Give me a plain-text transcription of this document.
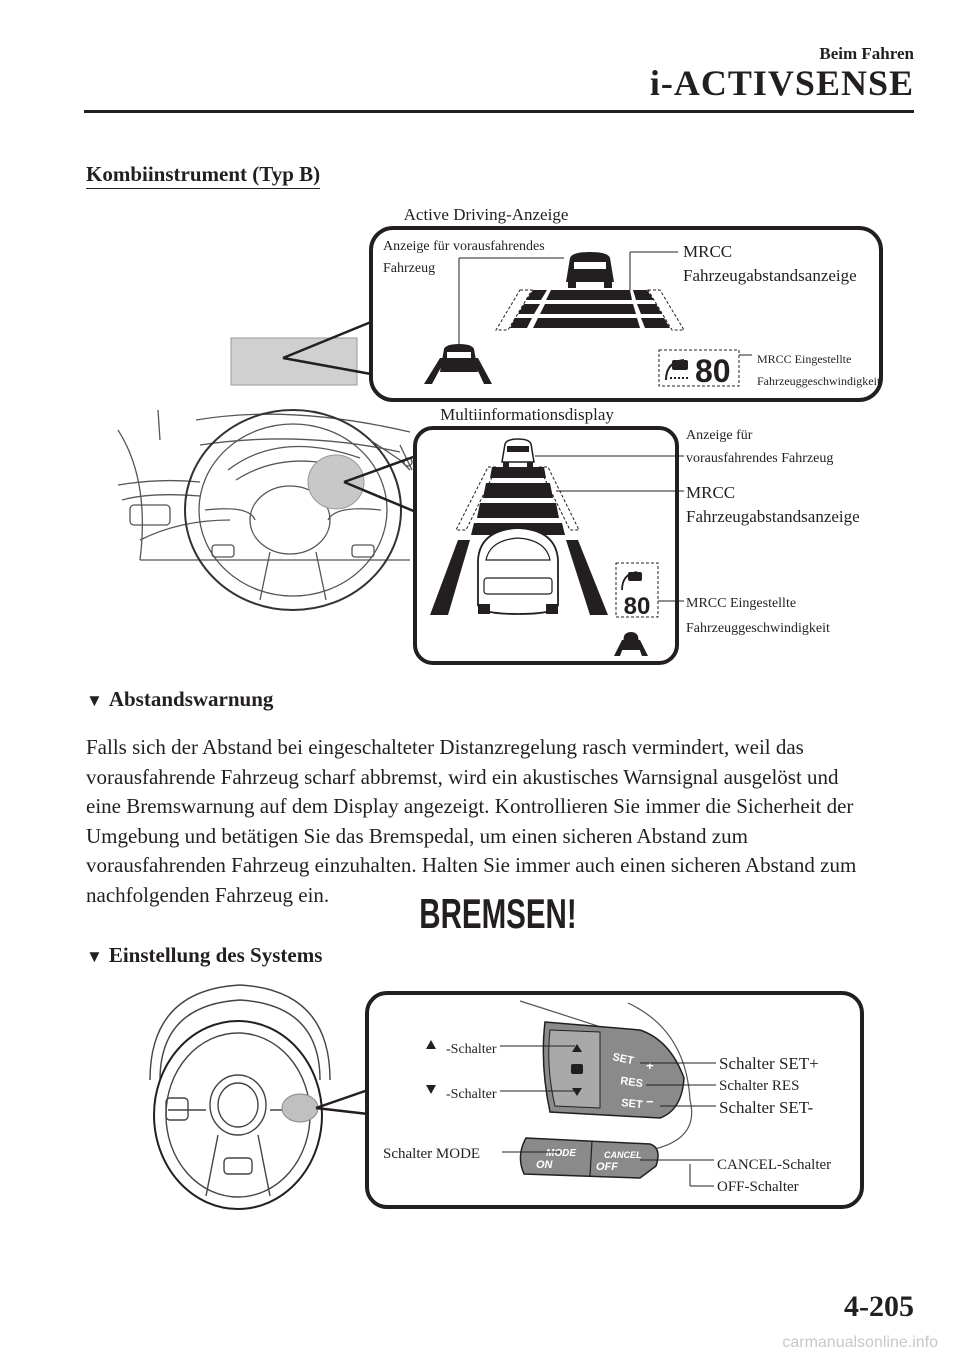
Beim Fahren
i-ACTIVSENSE
Kombiinstrument (Typ B)
Active Driving-Anzeige
Anzeige für vorausfahrendes
Fahrzeug
MRCC
Fahrzeugabstandsanzeige
80 MRCC Eingestellte
Fahrzeuggeschwindigkeit
Multiinformationsdisplay
80
Anzeige für
vorausfahrendes Fahrzeug
MRCC
Fahrzeugabstandsanzeige
MRCC Eingestellte
Fahrzeuggeschwindigkeit
BREMSEN!
SET +
RES
SET −
MODE
ON
CANCEL
OFF
-Schalter
-Schalter
Schalter SET+
Schalter RES
Schalter SET-
Schalter MODE
CANCEL-Schalter
OFF-Schalter
▼ Abstandswarnung
Falls sich der Abstand bei eingeschalteter Distanzregelung rasch vermindert, weil das
vorausfahrende Fahrzeug scharf abbremst, wird ein akustisches Warnsignal ausgelöst und
eine Bremswarnung auf dem Display angezeigt. Kontrollieren Sie immer die Sicherheit der
Umgebung und betätigen Sie das Bremspedal, um einen sicheren Abstand zum
vorausfahrenden Fahrzeug einzuhalten. Halten Sie immer auch einen sicheren Abstand zum
nachfolgenden Fahrzeug ein.
▼ Einstellung des Systems
4-205
carmanualsonline.info
